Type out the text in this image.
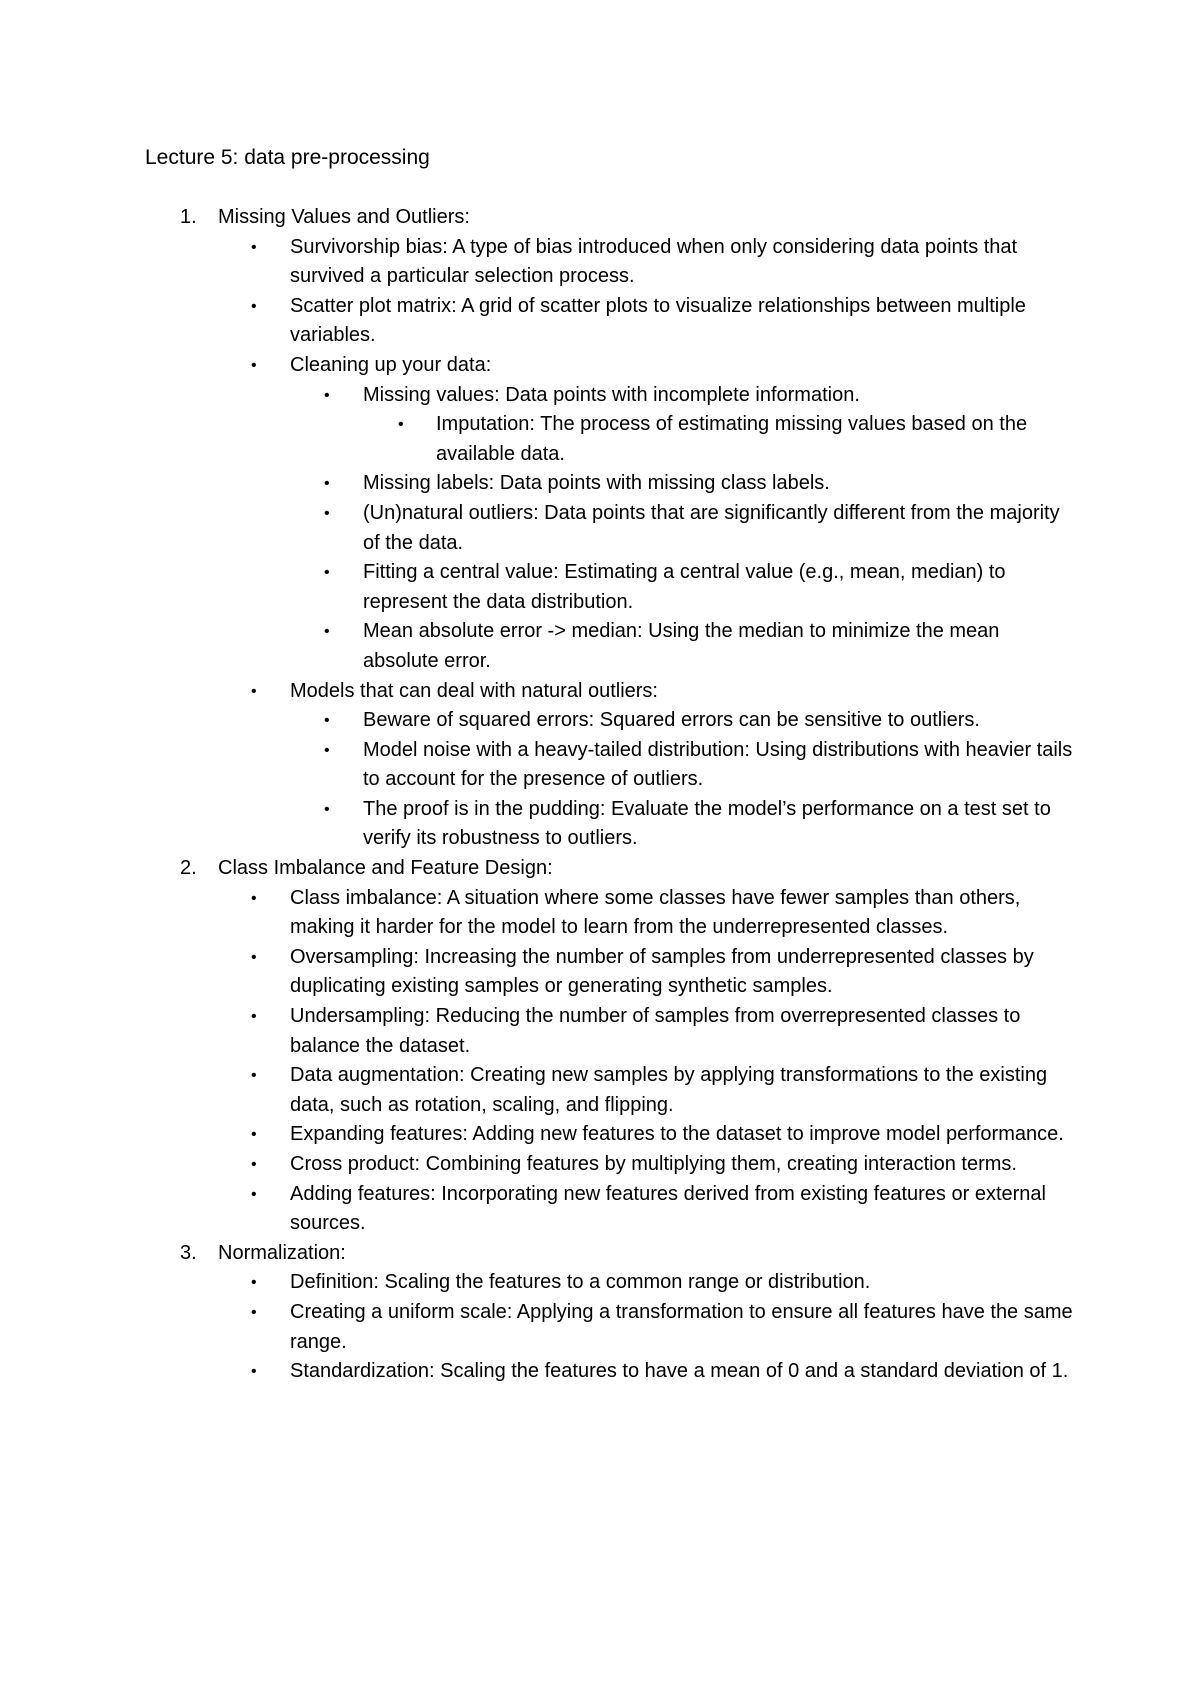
Lecture 5: data pre-processing
1. Missing Values and Outliers:
• Survivorship bias: A type of bias introduced when only considering data points that survived a particular selection process.
• Scatter plot matrix: A grid of scatter plots to visualize relationships between multiple variables.
• Cleaning up your data:
• Missing values: Data points with incomplete information.
• Imputation: The process of estimating missing values based on the available data.
• Missing labels: Data points with missing class labels.
• (Un)natural outliers: Data points that are significantly different from the majority of the data.
• Fitting a central value: Estimating a central value (e.g., mean, median) to represent the data distribution.
• Mean absolute error -> median: Using the median to minimize the mean absolute error.
• Models that can deal with natural outliers:
• Beware of squared errors: Squared errors can be sensitive to outliers.
• Model noise with a heavy-tailed distribution: Using distributions with heavier tails to account for the presence of outliers.
• The proof is in the pudding: Evaluate the model’s performance on a test set to verify its robustness to outliers.
2. Class Imbalance and Feature Design:
• Class imbalance: A situation where some classes have fewer samples than others, making it harder for the model to learn from the underrepresented classes.
• Oversampling: Increasing the number of samples from underrepresented classes by duplicating existing samples or generating synthetic samples.
• Undersampling: Reducing the number of samples from overrepresented classes to balance the dataset.
• Data augmentation: Creating new samples by applying transformations to the existing data, such as rotation, scaling, and flipping.
• Expanding features: Adding new features to the dataset to improve model performance.
• Cross product: Combining features by multiplying them, creating interaction terms.
• Adding features: Incorporating new features derived from existing features or external sources.
3. Normalization:
• Definition: Scaling the features to a common range or distribution.
• Creating a uniform scale: Applying a transformation to ensure all features have the same range.
• Standardization: Scaling the features to have a mean of 0 and a standard deviation of 1.
